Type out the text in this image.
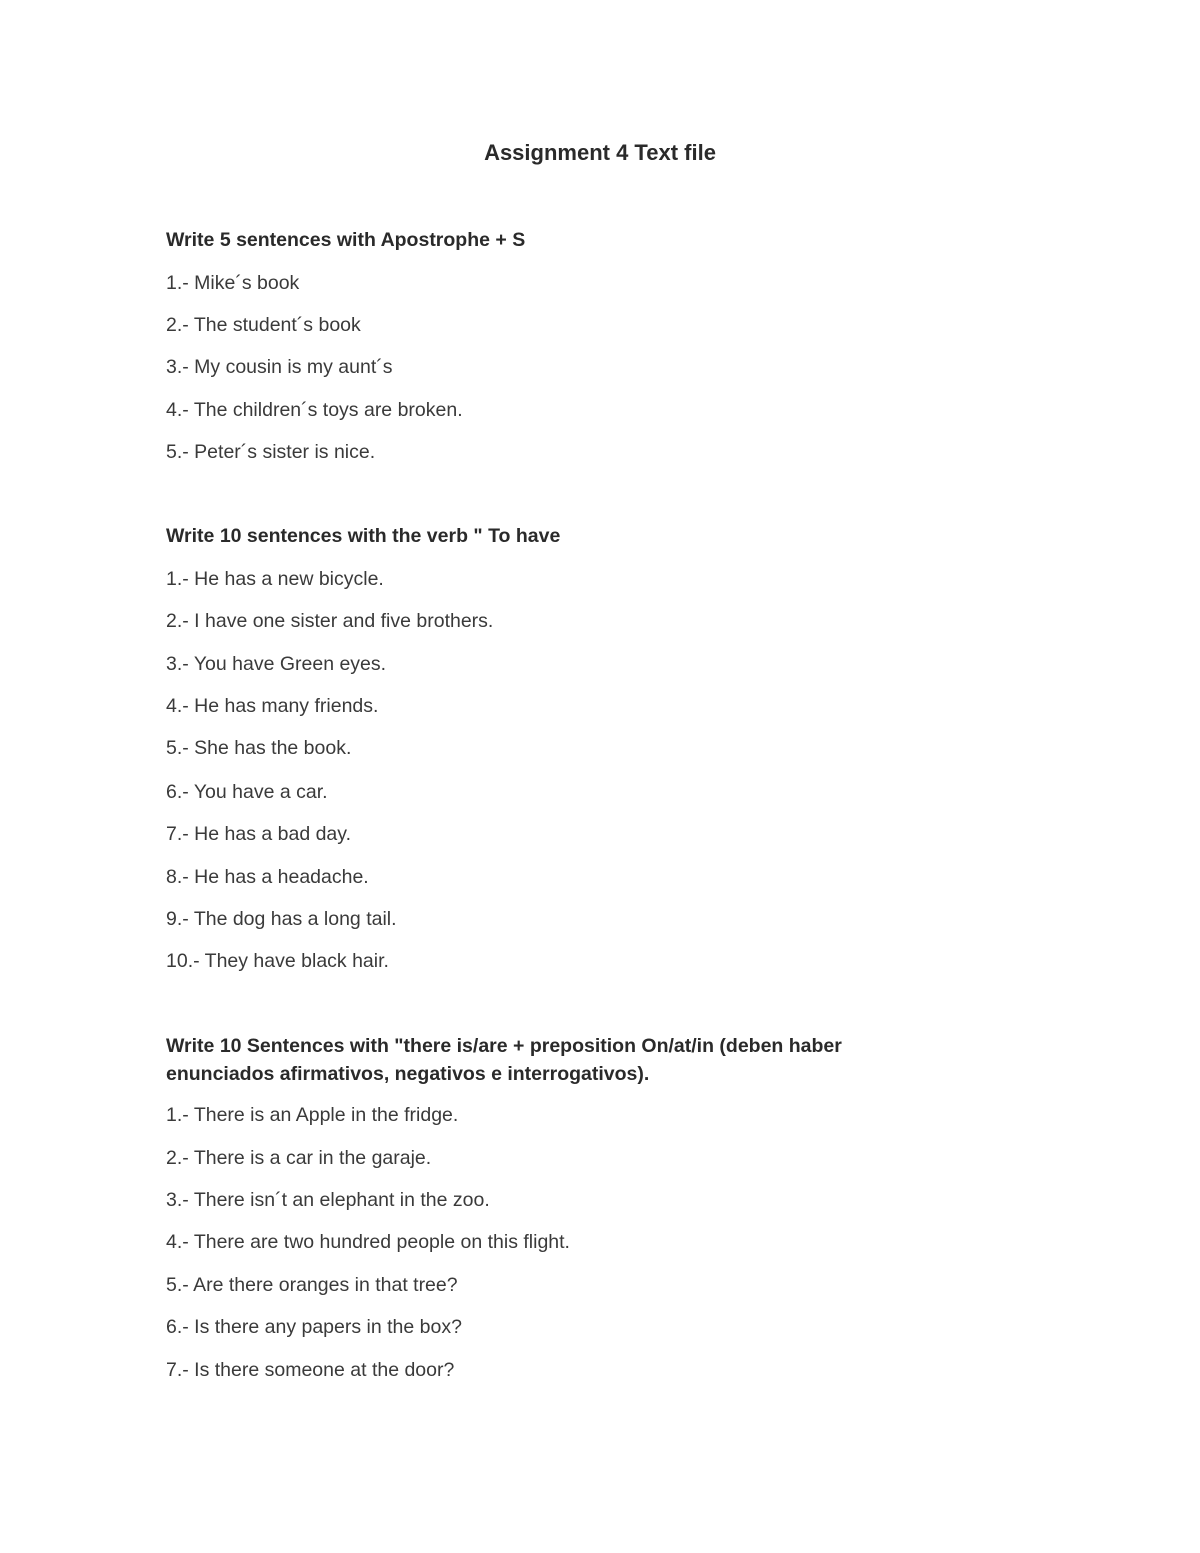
Assignment 4 Text file
Write 5 sentences with Apostrophe + S
1.- Mike´s book
2.- The student´s book
3.- My cousin is my aunt´s
4.- The children´s toys are broken.
5.- Peter´s sister is nice.
Write 10 sentences with the verb " To have
1.- He has a new bicycle.
2.- I have one sister and five brothers.
3.- You have Green eyes.
4.- He has many friends.
5.- She has the book.
6.- You have a car.
7.- He has a bad day.
8.- He has a headache.
9.- The dog has a long tail.
10.- They have black hair.
Write 10 Sentences with "there is/are + preposition On/at/in (deben haber
enunciados afirmativos, negativos e interrogativos).
1.- There is an Apple in the fridge.
2.- There is a car in the garaje.
3.- There isn´t an elephant in the zoo.
4.- There are two hundred people on this flight.
5.- Are there oranges in that tree?
6.- Is there any papers in the box?
7.- Is there someone at the door?
